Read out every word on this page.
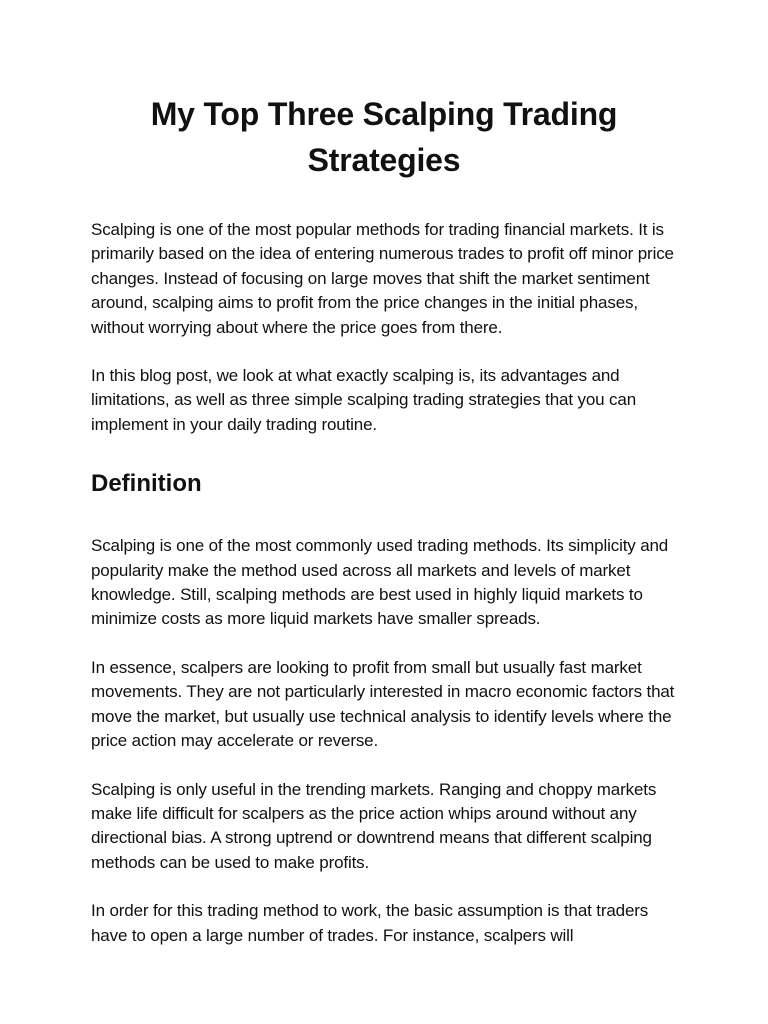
My Top Three Scalping Trading
Strategies

Scalping is one of the most popular methods for trading financial markets. It is primarily based on the idea of entering numerous trades to profit off minor price changes. Instead of focusing on large moves that shift the market sentiment around, scalping aims to profit from the price changes in the initial phases, without worrying about where the price goes from there.

In this blog post, we look at what exactly scalping is, its advantages and limitations, as well as three simple scalping trading strategies that you can implement in your daily trading routine.

Definition

Scalping is one of the most commonly used trading methods. Its simplicity and popularity make the method used across all markets and levels of market knowledge. Still, scalping methods are best used in highly liquid markets to minimize costs as more liquid markets have smaller spreads.

In essence, scalpers are looking to profit from small but usually fast market movements. They are not particularly interested in macro economic factors that move the market, but usually use technical analysis to identify levels where the price action may accelerate or reverse.

Scalping is only useful in the trending markets. Ranging and choppy markets make life difficult for scalpers as the price action whips around without any directional bias. A strong uptrend or downtrend means that different scalping methods can be used to make profits.

In order for this trading method to work, the basic assumption is that traders have to open a large number of trades. For instance, scalpers will
